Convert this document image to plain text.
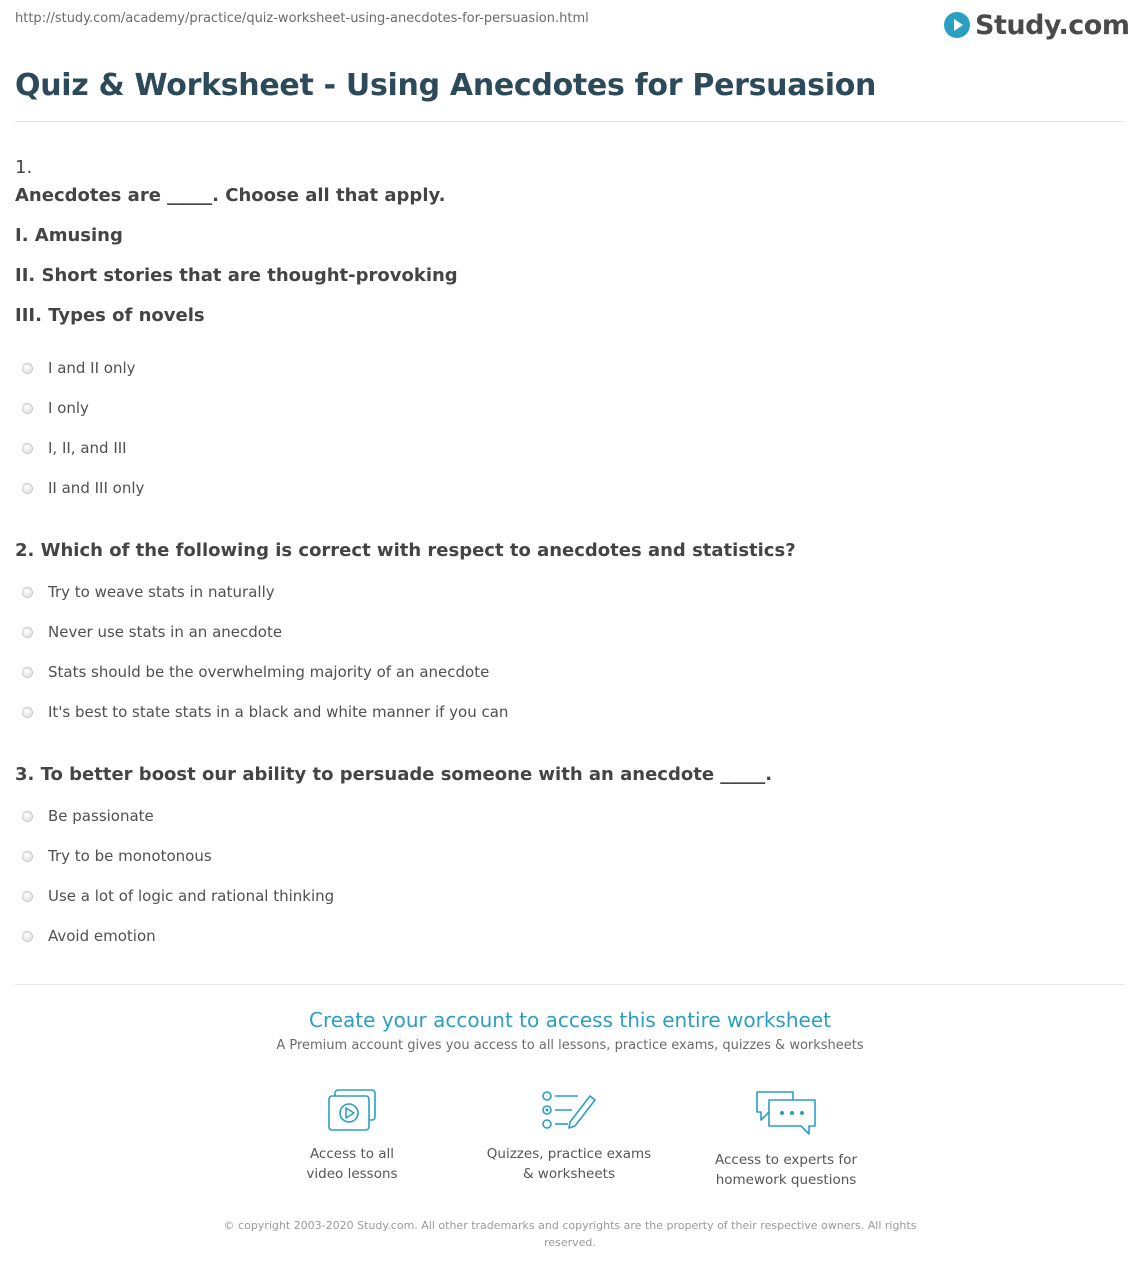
http://study.com/academy/practice/quiz-worksheet-using-anecdotes-for-persuasion.html	Study.com
Quiz & Worksheet - Using Anecdotes for Persuasion
1.
Anecdotes are _____. Choose all that apply.
I. Amusing
II. Short stories that are thought-provoking
III. Types of novels
I and II only
I only
I, II, and III
II and III only
2. Which of the following is correct with respect to anecdotes and statistics?
Try to weave stats in naturally
Never use stats in an anecdote
Stats should be the overwhelming majority of an anecdote
It's best to state stats in a black and white manner if you can
3. To better boost our ability to persuade someone with an anecdote _____.
Be passionate
Try to be monotonous
Use a lot of logic and rational thinking
Avoid emotion
Create your account to access this entire worksheet
A Premium account gives you access to all lessons, practice exams, quizzes & worksheets
Access to all
video lessons
Quizzes, practice exams
& worksheets
Access to experts for
homework questions
© copyright 2003-2020 Study.com. All other trademarks and copyrights are the property of their respective owners. All rights reserved.
